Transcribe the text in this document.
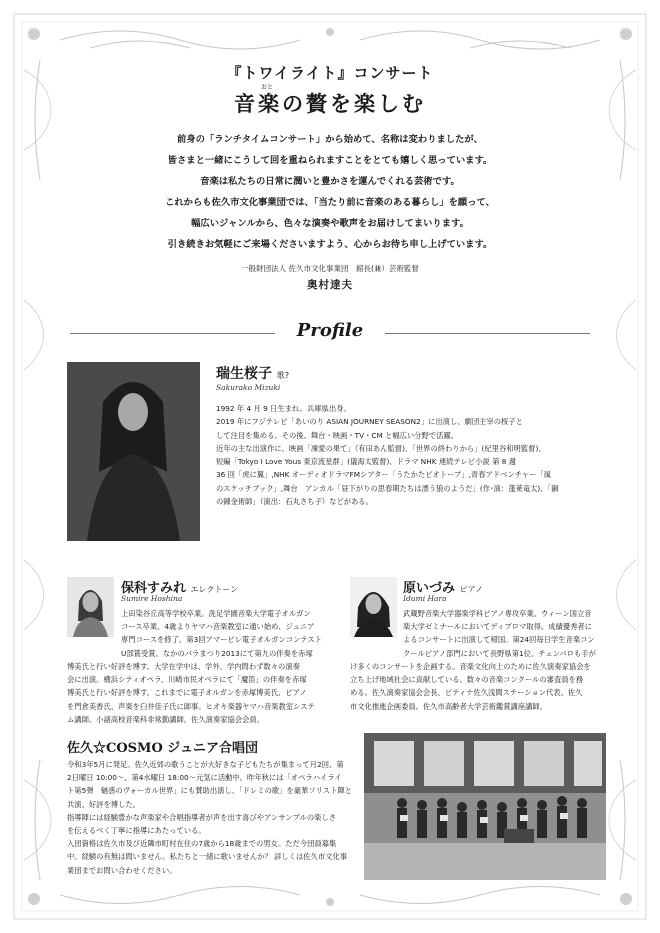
『トワイライト』コンサート
おと
音楽の贅を楽しむ

前身の「ランチタイムコンサート」から始めて、名称は変わりましたが、

皆さまと一緒にこうして回を重ねられますことをとても嬉しく思っています。

音楽は私たちの日常に潤いと豊かさを運んでくれる芸術です。

これからも佐久市文化事業団では、「当たり前に音楽のある暮らし」を願って、

幅広いジャンルから、色々な演奏や歌声をお届けしてまいります。

引き続きお気軽にご来場くださいますよう、心からお待ち申し上げています。

一般財団法人 佐久市文化事業団　館長(兼）芸術監督
奥村達夫
Profile
瑞生桜子 歌?
Sakurako Mizuki
1992 年 4 月 9 日生まれ。兵庫県出身。
2019 年にフジテレビ「あいのり ASIAN JOURNEY SEASON2」に出演し、劇団主宰の桜子と
して注目を集める。その後、舞台・映画・TV・CM と幅広い分野で活躍。
近年の主な出演作に、映画「凜愛の果て」（有田あん監督)、「世界の終わりから」(紀里谷和明監督)、
短編「Tokyo I Love Yous 東京流星群」(儀海太監督)、ドラマ NHK 連続テレビ小説 第 8 週
36 回「虎に翼」,NHK オーディオドラマFMシアター「うたかたピオトープ」,青春アドベンチャー「風
のスケッチブック」,舞台　アンカル「昼下がりの思春期たちは漂う狼のようだ」(作･演：蓬莱竜太)、「銅
の錬金術師」（演出：石丸さち子）などがある。
保科すみれ エレクトーン
Sumire Hoshina
上田染谷丘高等学校卒業。洗足学園音楽大学電子オルガン
コース卒業。4歳よりヤマハ音楽教室に通い始め、ジュニア
専門コースを修了。第3回アマービレ電子オルガンコンテスト
U部賞受賞。なかのバラまつり2013にて第九の伴奏を赤塚
博美氏と行い好評を博す。大学在学中は、学外、学内問わず数々の演奏
会に出演。横浜シティオペラ、川崎市民オペラにて「魔笛」の伴奏を赤塚
博美氏と行い好評を博す。これまでに電子オルガンを赤塚博美氏、ピアノ
を門倉美香氏、声楽を臼井佳子氏に師事。ヒオキ楽器ヤマハ音楽教室システ
ム講師。小諸高校音楽科非常勤講師。佐久演奏家協会会員。
原いづみ ピアノ
Idumi Hara
武蔵野音楽大学器楽学科ピアノ専攻卒業。ウィーン国立音
楽大学ゼミナールにおいてディプロマ取得。成績優秀者に
よるコンサートに出演して帰国。第24回毎日学生音楽コン
クールピアノ部門において長野県第1位。チェンバロも手が
け多くのコンサートを企画する。音楽文化向上のために佐久演奏家協会を
立ち上げ地域社会に貢献している。数々の音楽コンクールの審査員を務
める。佐久演奏家協会会長、ピティナ佐久浅間ステーション代表、佐久
市文化推進企画委員。佐久市高齢者大学芸術鑑賞講座講師。
佐久☆COSMO ジュニア合唱団
令和3年5月に発足。佐久近郊の歌うことが大好きな子どもたちが集まって月2回、第
2日曜日 10:00～、第4水曜日 18:00～元気に活動中。昨年秋には「オペラハイライ
ト第5弾　魅惑のヴォーカル世界」にも賛助出演し、「ドレミの歌」を豪華ソリスト陣と
共演、好評を博した。
指導陣には経験豊かな声楽家や合唱指導者が声を出す喜びやアンサンブルの楽しさ
を伝えるべく丁寧に指導にあたっている。
入団資格は佐久市及び近隣市町村在住の7歳から18歳までの男女。ただ今団員募集
中。経験の有無は問いません。私たちと一緒に歌いませんか？ 詳しくは佐久市文化事
業団までお問い合わせください。
